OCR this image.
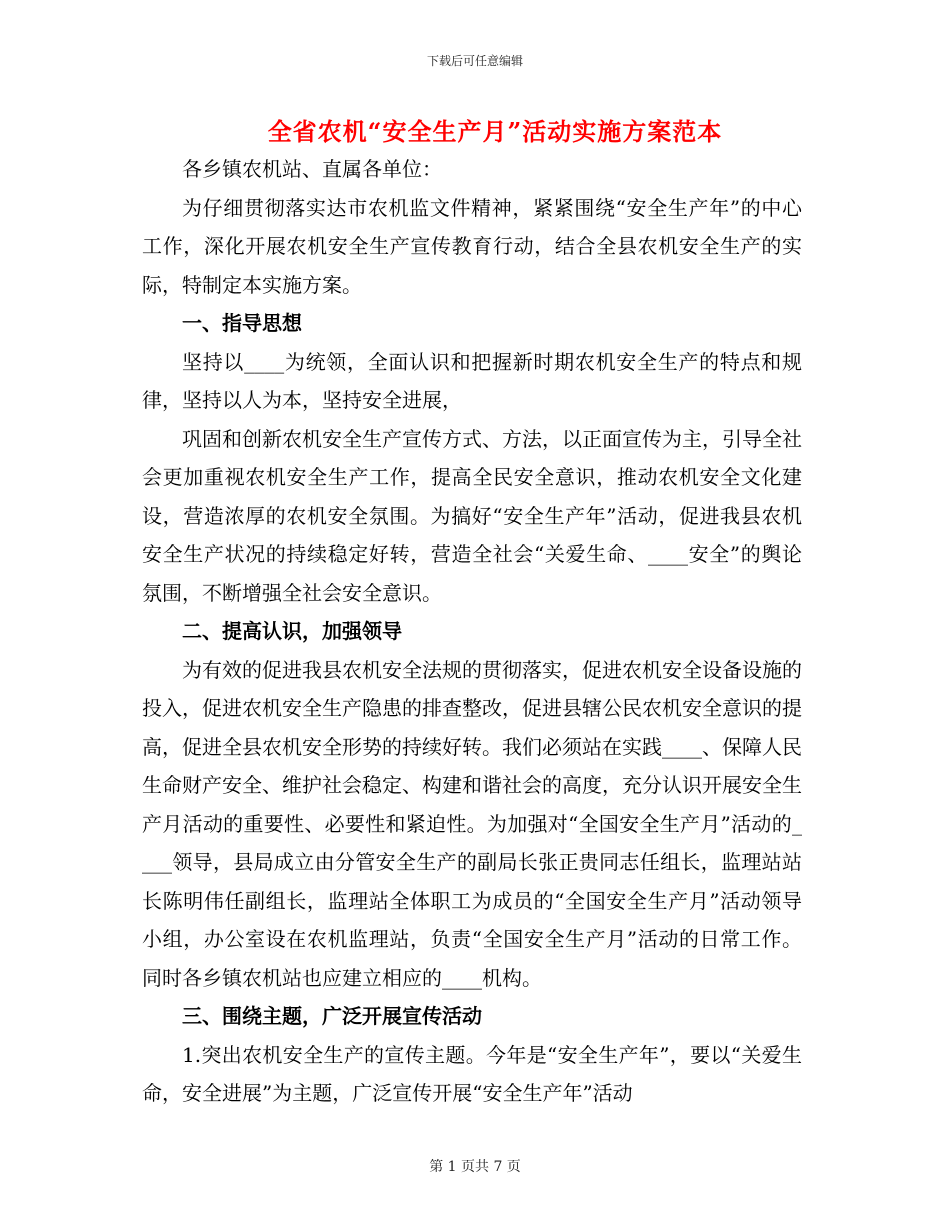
下载后可任意编辑
全省农机“安全生产月”活动实施方案范本

各乡镇农机站、直属各单位：

为仔细贯彻落实达市农机监文件精神，紧紧围绕“安全生产年”的中心工作，深化开展农机安全生产宣传教育行动，结合全县农机安全生产的实际，特制定本实施方案。

一、指导思想

坚持以____为统领，全面认识和把握新时期农机安全生产的特点和规律，坚持以人为本，坚持安全进展，

巩固和创新农机安全生产宣传方式、方法，以正面宣传为主，引导全社会更加重视农机安全生产工作，提高全民安全意识，推动农机安全文化建设，营造浓厚的农机安全氛围。为搞好“安全生产年”活动，促进我县农机安全生产状况的持续稳定好转，营造全社会“关爱生命、____安全”的舆论氛围，不断增强全社会安全意识。

二、提高认识，加强领导

为有效的促进我县农机安全法规的贯彻落实，促进农机安全设备设施的投入，促进农机安全生产隐患的排查整改，促进县辖公民农机安全意识的提高，促进全县农机安全形势的持续好转。我们必须站在实践____、保障人民生命财产安全、维护社会稳定、构建和谐社会的高度，充分认识开展安全生产月活动的重要性、必要性和紧迫性。为加强对“全国安全生产月”活动的____领导，县局成立由分管安全生产的副局长张正贵同志任组长，监理站站长陈明伟任副组长，监理站全体职工为成员的“全国安全生产月”活动领导小组，办公室设在农机监理站，负责“全国安全生产月”活动的日常工作。同时各乡镇农机站也应建立相应的____机构。

三、围绕主题，广泛开展宣传活动

1.突出农机安全生产的宣传主题。今年是“安全生产年”，要以“关爱生命，安全进展”为主题，广泛宣传开展“安全生产年”活动

第 1 页共 7 页
